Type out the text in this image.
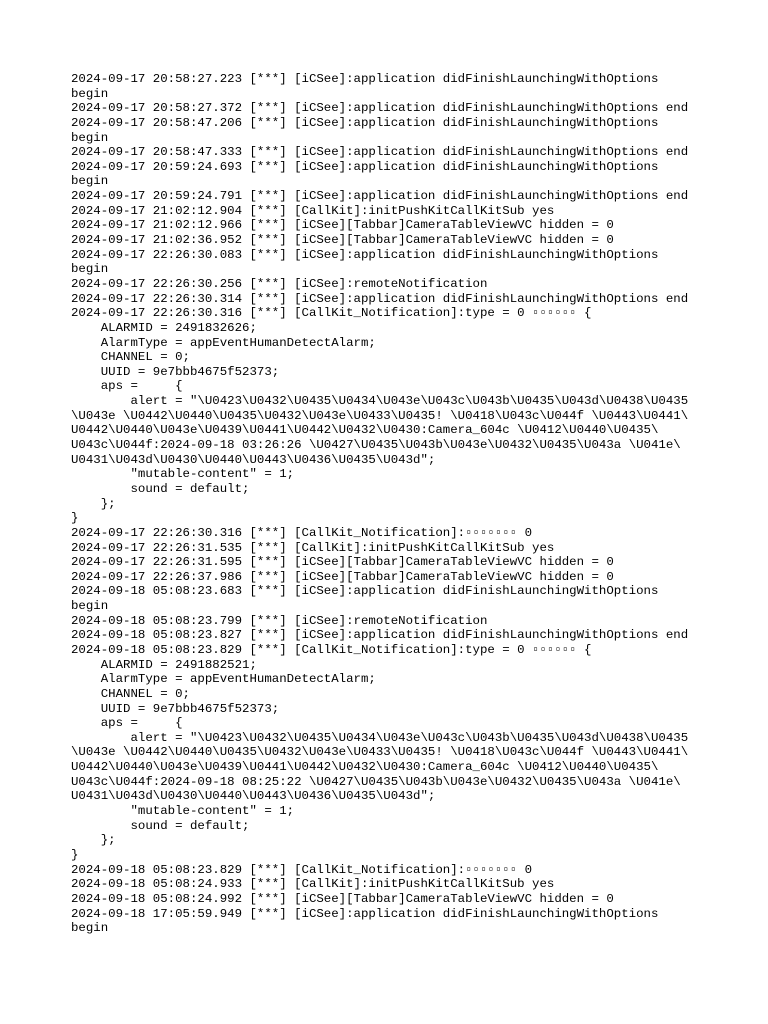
2024-09-17 20:58:27.223 [***] [iCSee]:application didFinishLaunchingWithOptions
begin
2024-09-17 20:58:27.372 [***] [iCSee]:application didFinishLaunchingWithOptions end
2024-09-17 20:58:47.206 [***] [iCSee]:application didFinishLaunchingWithOptions
begin
2024-09-17 20:58:47.333 [***] [iCSee]:application didFinishLaunchingWithOptions end
2024-09-17 20:59:24.693 [***] [iCSee]:application didFinishLaunchingWithOptions
begin
2024-09-17 20:59:24.791 [***] [iCSee]:application didFinishLaunchingWithOptions end
2024-09-17 21:02:12.904 [***] [CallKit]:initPushKitCallKitSub yes
2024-09-17 21:02:12.966 [***] [iCSee][Tabbar]CameraTableViewVC hidden = 0
2024-09-17 21:02:36.952 [***] [iCSee][Tabbar]CameraTableViewVC hidden = 0
2024-09-17 22:26:30.083 [***] [iCSee]:application didFinishLaunchingWithOptions
begin
2024-09-17 22:26:30.256 [***] [iCSee]:remoteNotification
2024-09-17 22:26:30.314 [***] [iCSee]:application didFinishLaunchingWithOptions end
2024-09-17 22:26:30.316 [***] [CallKit_Notification]:type = 0 ▫▫▫▫▫▫ {
ALARMID = 2491832626;
AlarmType = appEventHumanDetectAlarm;
CHANNEL = 0;
UUID = 9e7bbb4675f52373;
aps =     {
alert = "\U0423\U0432\U0435\U0434\U043e\U043c\U043b\U0435\U043d\U0438\U0435
\U043e \U0442\U0440\U0435\U0432\U043e\U0433\U0435! \U0418\U043c\U044f \U0443\U0441\
U0442\U0440\U043e\U0439\U0441\U0442\U0432\U0430:Camera_604c \U0412\U0440\U0435\
U043c\U044f:2024-09-18 03:26:26 \U0427\U0435\U043b\U043e\U0432\U0435\U043a \U041e\
U0431\U043d\U0430\U0440\U0443\U0436\U0435\U043d";
"mutable-content" = 1;
sound = default;
};
}
2024-09-17 22:26:30.316 [***] [CallKit_Notification]:▫▫▫▫▫▫▫ 0
2024-09-17 22:26:31.535 [***] [CallKit]:initPushKitCallKitSub yes
2024-09-17 22:26:31.595 [***] [iCSee][Tabbar]CameraTableViewVC hidden = 0
2024-09-17 22:26:37.986 [***] [iCSee][Tabbar]CameraTableViewVC hidden = 0
2024-09-18 05:08:23.683 [***] [iCSee]:application didFinishLaunchingWithOptions
begin
2024-09-18 05:08:23.799 [***] [iCSee]:remoteNotification
2024-09-18 05:08:23.827 [***] [iCSee]:application didFinishLaunchingWithOptions end
2024-09-18 05:08:23.829 [***] [CallKit_Notification]:type = 0 ▫▫▫▫▫▫ {
ALARMID = 2491882521;
AlarmType = appEventHumanDetectAlarm;
CHANNEL = 0;
UUID = 9e7bbb4675f52373;
aps =     {
alert = "\U0423\U0432\U0435\U0434\U043e\U043c\U043b\U0435\U043d\U0438\U0435
\U043e \U0442\U0440\U0435\U0432\U043e\U0433\U0435! \U0418\U043c\U044f \U0443\U0441\
U0442\U0440\U043e\U0439\U0441\U0442\U0432\U0430:Camera_604c \U0412\U0440\U0435\
U043c\U044f:2024-09-18 08:25:22 \U0427\U0435\U043b\U043e\U0432\U0435\U043a \U041e\
U0431\U043d\U0430\U0440\U0443\U0436\U0435\U043d";
"mutable-content" = 1;
sound = default;
};
}
2024-09-18 05:08:23.829 [***] [CallKit_Notification]:▫▫▫▫▫▫▫ 0
2024-09-18 05:08:24.933 [***] [CallKit]:initPushKitCallKitSub yes
2024-09-18 05:08:24.992 [***] [iCSee][Tabbar]CameraTableViewVC hidden = 0
2024-09-18 17:05:59.949 [***] [iCSee]:application didFinishLaunchingWithOptions
begin
